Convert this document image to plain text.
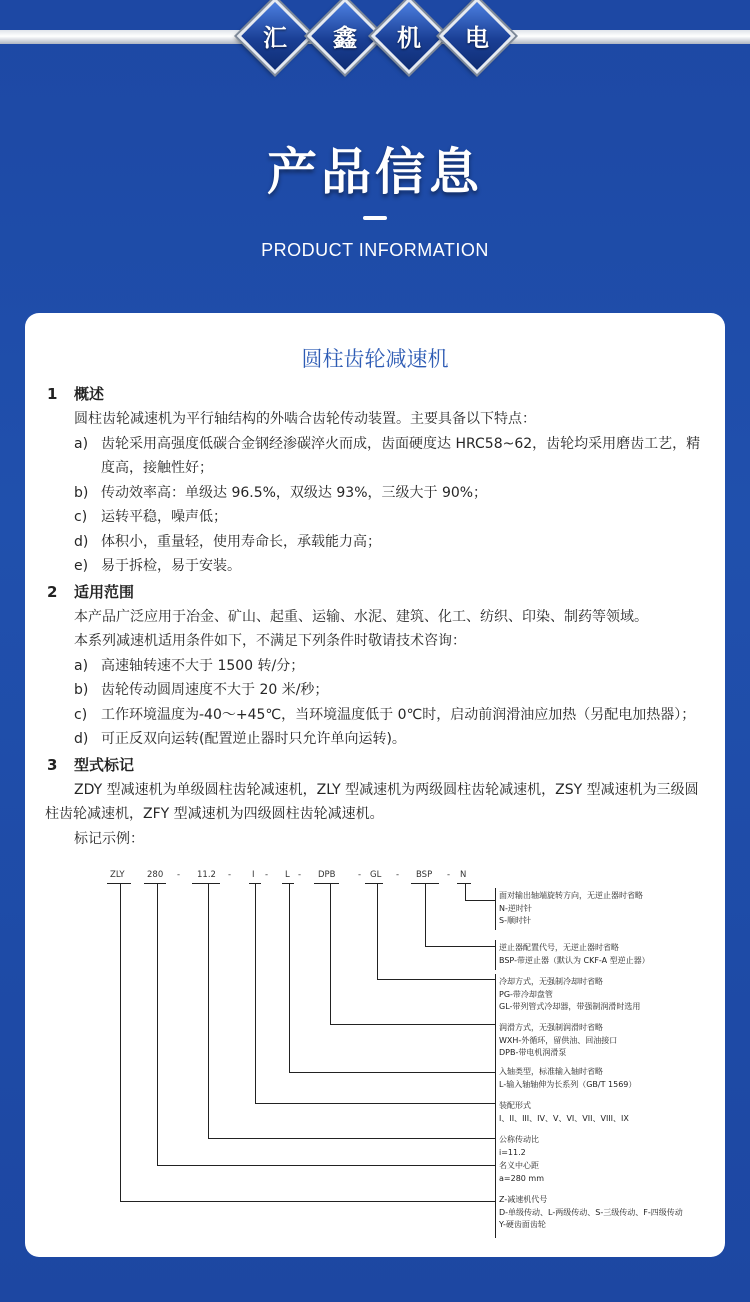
汇	鑫	机	电
产品信息
PRODUCT INFORMATION
圆柱齿轮减速机
1	概述
圆柱齿轮减速机为平行轴结构的外啮合齿轮传动装置。主要具备以下特点：
a) 齿轮采用高强度低碳合金钢经渗碳淬火而成，齿面硬度达 HRC58~62，齿轮均采用磨齿工艺，精度高，接触性好；
b) 传动效率高：单级达 96.5%，双级达 93%，三级大于 90%；
c) 运转平稳，噪声低；
d) 体积小，重量轻，使用寿命长，承载能力高；
e) 易于拆检，易于安装。
2	适用范围
本产品广泛应用于冶金、矿山、起重、运输、水泥、建筑、化工、纺织、印染、制药等领域。
本系列减速机适用条件如下，不满足下列条件时敬请技术咨询：
a) 高速轴转速不大于 1500 转/分；
b) 齿轮传动圆周速度不大于 20 米/秒；
c) 工作环境温度为-40～+45℃，当环境温度低于 0℃时，启动前润滑油应加热（另配电加热器）；
d) 可正反双向运转(配置逆止器时只允许单向运转)。
3	型式标记
ZDY 型减速机为单级圆柱齿轮减速机，ZLY 型减速机为两级圆柱齿轮减速机，ZSY 型减速机为三级圆柱齿轮减速机，ZFY 型减速机为四级圆柱齿轮减速机。
标记示例：
ZLY	280 - 11.2 - I - L - DPB	- GL - BSP - N
面对输出轴端旋转方向，无逆止器时省略
N-逆时针
S-顺时针
逆止器配置代号，无逆止器时省略
BSP-带逆止器（默认为 CKF-A 型逆止器）
冷却方式，无强制冷却时省略
PG-带冷却盘管
GL-带列管式冷却器，带强制润滑时选用
润滑方式，无强制润滑时省略
WXH-外循环，留供油、回油接口
DPB-带电机润滑泵
入轴类型，标准输入轴时省略
L-输入轴轴伸为长系列（GB/T 1569）
装配形式
I、II、III、IV、V、VI、VII、VIII、IX
公称传动比
i=11.2
名义中心距
a=280 mm
Z-减速机代号
D-单级传动、L-两级传动、S-三级传动、F-四级传动
Y-硬齿面齿轮
